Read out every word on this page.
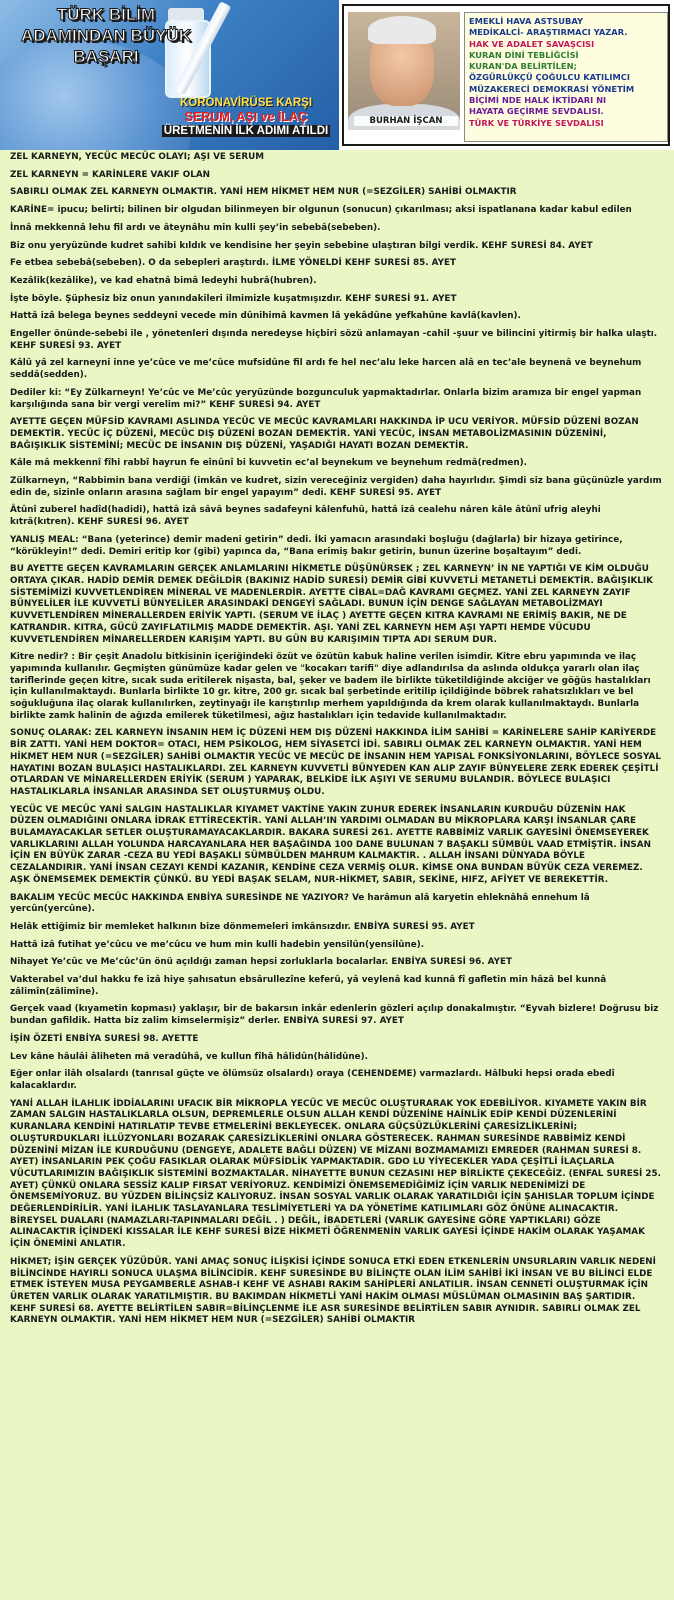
TÜRK BİLİM ADAMINDAN BÜYÜK BAŞARI
KORONAVİRÜSE KARŞI
SERUM, AŞI ve İLAÇ
ÜRETMENİN İLK ADIMI ATILDI
BURHAN İŞCAN
EMEKLİ HAVA ASTSUBAY
MEDİKALCİ- ARAŞTIRMACI YAZAR.
HAK VE ADALET SAVAŞCISI
KURAN DİNİ TEBLİĞCİSİ
KURAN'DA BELİRTİLEN;
ÖZGÜRLÜKÇÜ ÇOĞULCU KATILIMCI
MÜZAKERECİ DEMOKRASİ YÖNETİM
BİÇİMİ NDE HALK İKTİDARI NI
HAYATA GEÇİRME SEVDALISI.
TÜRK VE TÜRKİYE SEVDALISI

ZEL KARNEYN, YECÜC MECÜC OLAYI; AŞI VE SERUM

ZEL KARNEYN = KARİNLERE VAKIF OLAN

SABIRLI OLMAK ZEL KARNEYN OLMAKTIR. YANİ HEM HİKMET HEM NUR (=SEZGİLER) SAHİBİ OLMAKTIR

KARİNE= ipucu; belirti; bilinen bir olgudan bilinmeyen bir olgunun (sonucun) çıkarılması; aksi ispatlanana kadar kabul edilen

İnnâ mekkennâ lehu fil ardı ve âteynâhu min kulli şey’in sebebâ(sebeben).

Biz onu yeryüzünde kudret sahibi kıldık ve kendisine her şeyin sebebine ulaştıran bilgi verdik. KEHF SURESİ 84. AYET

Fe etbea sebebâ(sebeben). O da sebepleri araştırdı. İLME YÖNELDİ KEHF SURESİ 85. AYET

Kezâlik(kezâlike), ve kad ehatnâ bimâ ledeyhi hubrâ(hubren).

İşte böyle. Şüphesiz biz onun yanındakileri ilmimizle kuşatmışızdır. KEHF SURESİ 91. AYET

Hattâ izâ belega beynes seddeyni vecede min dûnihimâ kavmen lâ yekâdûne yefkahûne kavlâ(kavlen).

Engeller önünde-sebebi ile , yönetenleri dışında neredeyse hiçbiri sözü anlamayan -cahil -şuur ve bilincini yitirmiş bir halka ulaştı. KEHF SURESİ 93. AYET

Kâlû yâ zel karneyni inne ye’cûce ve me’cûce mufsidûne fil ardı fe hel nec’alu leke harcen alâ en tec’ale beynenâ ve beynehum seddâ(sedden).

Dediler ki: “Ey Zülkarneyn! Ye’cûc ve Me’cûc yeryüzünde bozgunculuk yapmaktadırlar. Onlarla bizim aramıza bir engel yapman karşılığında sana bir vergi verelim mi?” KEHF SURESİ 94. AYET

AYETTE GEÇEN MÜFSİD KAVRAMI ASLINDA YECÜC VE MECÜC KAVRAMLARI HAKKINDA İP UCU VERİYOR. MÜFSİD DÜZENİ BOZAN DEMEKTİR. YECÜC İÇ DÜZENİ, MECÜC DIŞ DÜZENİ BOZAN DEMEKTİR. YANİ YECÜC, İNSAN METABOLİZMASININ DÜZENİNİ, BAĞIŞIKLIK SİSTEMİNİ; MECÜC DE İNSANIN DIŞ DÜZENİ, YAŞADIĞI HAYATI BOZAN DEMEKTİR.

Kâle mâ mekkennî fîhi rabbî hayrun fe eînûnî bi kuvvetin ec’al beynekum ve beynehum redmâ(redmen).

Zülkarneyn, “Rabbimin bana verdiği (imkân ve kudret, sizin vereceğiniz vergiden) daha hayırlıdır. Şimdi siz bana güçünüzle yardım edin de, sizinle onların arasına sağlam bir engel yapayım” dedi. KEHF SURESİ 95. AYET

Âtûnî zuberel hadîd(hadidi), hattâ izâ sâvâ beynes sadafeyni kâlenfuhû, hattâ izâ cealehu nâren kâle âtûnî ufrig aleyhi kıtrâ(kıtren). KEHF SURESİ 96. AYET

YANLIŞ MEAL: “Bana (yeterince) demir madeni getirin” dedi. İki yamacın arasındaki boşluğu (dağlarla) bir hizaya getirince, “körükleyin!” dedi. Demiri eritip kor (gibi) yapınca da, “Bana erimiş bakır getirin, bunun üzerine boşaltayım” dedi.

BU AYETTE GEÇEN KAVRAMLARIN GERÇEK ANLAMLARINI HİKMETLE DÜŞÜNÜRSEK ; ZEL KARNEYN’ İN NE YAPTIĞI VE KİM OLDUĞU ORTAYA ÇIKAR. HADİD DEMİR DEMEK DEĞİLDİR (BAKINIZ HADİD SURESİ) DEMİR GİBİ KUVVETLİ METANETLİ DEMEKTİR. BAĞIŞIKLIK SİSTEMİMİZİ KUVVETLENDİREN MİNERAL VE MADENLERDİR. AYETTE CİBAL=DAĞ KAVRAMI GEÇMEZ. YANİ ZEL KARNEYN ZAYIF BÜNYELİLER İLE KUVVETLİ BÜNYELİLER ARASINDAKİ DENGEYİ SAĞLADI. BUNUN İÇİN DENGE SAĞLAYAN METABOLİZMAYI KUVVETLENDİREN MİNERALLERDEN ERİYİK YAPTI. (SERUM VE İLAÇ ) AYETTE GEÇEN KITRA KAVRAMI NE ERİMİŞ BAKIR, NE DE KATRANDIR. KITRA, GÜCÜ ZAYIFLATILMIŞ MADDE DEMEKTİR. AŞI. YANİ ZEL KARNEYN HEM AŞI YAPTI HEMDE VÜCUDU KUVVETLENDİREN MİNARELLERDEN KARIŞIM YAPTI. BU GÜN BU KARIŞIMIN TIPTA ADI SERUM DUR.

Kitre nedir? : Bir çeşit Anadolu bitkisinin içeriğindeki özüt ve özütün kabuk haline verilen isimdir. Kitre ebru yapımında ve ilaç yapımında kullanılır. Geçmişten günümüze kadar gelen ve "kocakarı tarifi" diye adlandırılsa da aslında oldukça yararlı olan ilaç tariflerinde geçen kitre, sıcak suda eritilerek nişasta, bal, şeker ve badem ile birlikte tüketildiğinde akciğer ve göğüs hastalıkları için kullanılmaktaydı. Bunlarla birlikte 10 gr. kitre, 200 gr. sıcak bal şerbetinde eritilip içildiğinde böbrek rahatsızlıkları ve bel soğukluğuna ilaç olarak kullanılırken, zeytinyağı ile karıştırılıp merhem yapıldığında da krem olarak kullanılmaktaydı. Bunlarla birlikte zamk halinin de ağızda emilerek tüketilmesi, ağız hastalıkları için tedavide kullanılmaktadır.

SONUÇ OLARAK: ZEL KARNEYN İNSANIN HEM İÇ DÜZENİ HEM DIŞ DÜZENİ HAKKINDA İLİM SAHİBİ = KARİNELERE SAHİP KARİYERDE BİR ZATTI. YANİ HEM DOKTOR= OTACI, HEM PSİKOLOG, HEM SİYASETCİ İDİ. SABIRLI OLMAK ZEL KARNEYN OLMAKTIR. YANİ HEM HİKMET HEM NUR (=SEZGİLER) SAHİBİ OLMAKTIR YECÜC VE MECÜC DE İNSANIN HEM YAPISAL FONKSİYONLARINI, BÖYLECE SOSYAL HAYATINI BOZAN BULAŞICI HASTALIKLARDI. ZEL KARNEYN KUVVETLİ BÜNYEDEN KAN ALIP ZAYIF BÜNYELERE ZERK EDEREK ÇEŞİTLİ OTLARDAN VE MİNARELLERDEN ERİYİK (SERUM ) YAPARAK, BELKİDE İLK AŞIYI VE SERUMU BULANDIR. BÖYLECE BULAŞICI HASTALIKLARLA İNSANLAR ARASINDA SET OLUŞTURMUŞ OLDU.

YECÜC VE MECÜC YANİ SALGIN HASTALIKLAR KIYAMET VAKTİNE YAKIN ZUHUR EDEREK İNSANLARIN KURDUĞU DÜZENİN HAK DÜZEN OLMADIĞINI ONLARA İDRAK ETTİRECEKTİR. YANİ ALLAH’IN YARDIMI OLMADAN BU MİKROPLARA KARŞI İNSANLAR ÇARE BULAMAYACAKLAR SETLER OLUŞTURAMAYACAKLARDIR. BAKARA SURESİ 261. AYETTE RABBİMİZ VARLIK GAYESİNİ ÖNEMSEYEREK VARLIKLARINI ALLAH YOLUNDA HARCAYANLARA HER BAŞAĞINDA 100 DANE BULUNAN 7 BAŞAKLI SÜMBÜL VAAD ETMİŞTİR. İNSAN İÇİN EN BÜYÜK ZARAR -CEZA BU YEDİ BAŞAKLI SÜMBÜLDEN MAHRUM KALMAKTIR. . ALLAH İNSANI DÜNYADA BÖYLE CEZALANDIRIR. YANİ İNSAN CEZAYI KENDİ KAZANIR, KENDİNE CEZA VERMİŞ OLUR. KİMSE ONA BUNDAN BÜYÜK CEZA VEREMEZ. AŞK ÖNEMSEMEK DEMEKTİR ÇÜNKÜ. BU YEDİ BAŞAK SELAM, NUR-HİKMET, SABIR, SEKİNE, HIFZ, AFİYET VE BEREKETTİR.

BAKALIM YECÜC MECÜC HAKKINDA ENBİYA SURESİNDE NE YAZIYOR? Ve harâmun alâ karyetin ehleknâhâ ennehum lâ yercûn(yercûne).

Helâk ettiğimiz bir memleket halkının bize dönmemeleri imkânsızdır. ENBİYA SURESİ 95. AYET

Hattâ izâ futihat ye’cûcu ve me’cûcu ve hum min kulli hadebin yensilûn(yensilûne).

Nihayet Ye’cûc ve Me’cûc’ün önü açıldığı zaman hepsi zorluklarla bocalarlar. ENBİYA SURESİ 96. AYET

Vakterabel va’dul hakku fe izâ hiye şahısatun ebsârullezîne keferû, yâ veylenâ kad kunnâ fî gafletin min hâzâ bel kunnâ zâlimîn(zâlimîne).

Gerçek vaad (kıyametin kopması) yaklaşır, bir de bakarsın inkâr edenlerin gözleri açılıp donakalmıştır. “Eyvah bizlere! Doğrusu biz bundan gafildik. Hatta biz zalim kimselermişiz” derler. ENBİYA SURESİ 97. AYET

İŞİN ÖZETİ ENBİYA SURESİ 98. AYETTE

Lev kâne hâulâi âliheten mâ veradûhâ, ve kullun fîhâ hâlidûn(hâlidûne).

Eğer onlar ilâh olsalardı (tanrısal güçte ve ölümsüz olsalardı) oraya (CEHENDEME) varmazlardı. Hâlbuki hepsi orada ebedî kalacaklardır.

YANİ ALLAH İLAHLIK İDDİALARINI UFACIK BİR MİKROPLA YECÜC VE MECÜC OLUŞTURARAK YOK EDEBİLİYOR. KIYAMETE YAKIN BİR ZAMAN SALGIN HASTALIKLARLA OLSUN, DEPREMLERLE OLSUN ALLAH KENDİ DÜZENİNE HAİNLİK EDİP KENDİ DÜZENLERİNİ KURANLARA KENDİNİ HATIRLATIP TEVBE ETMELERİNİ BEKLEYECEK. ONLARA GÜÇSÜZLÜKLERİNİ ÇARESİZLİKLERİNİ; OLUŞTURDUKLARI İLLÜZYONLARI BOZARAK ÇARESİZLİKLERİNİ ONLARA GÖSTERECEK. RAHMAN SURESİNDE RABBİMİZ KENDİ DÜZENİNİ MİZAN İLE KURDUĞUNU (DENGEYE, ADALETE BAĞLI DÜZEN) VE MİZANI BOZMAMAMIZI EMREDER (RAHMAN SURESİ 8. AYET) İNSANLARIN PEK ÇOĞU FASIKLAR OLARAK MÜFSİDLİK YAPMAKTADIR. GDO LU YİYECEKLER YADA ÇEŞİTLİ İLAÇLARLA VÜCUTLARIMIZIN BAĞIŞIKLIK SİSTEMİNİ BOZMAKTALAR. NİHAYETTE BUNUN CEZASINI HEP BİRLİKTE ÇEKECEĞİZ. (ENFAL SURESİ 25. AYET) ÇÜNKÜ ONLARA SESSİZ KALIP FIRSAT VERİYORUZ. KENDİMİZİ ÖNEMSEMEDİĞİMİZ İÇİN VARLIK NEDENİMİZİ DE ÖNEMSEMİYORUZ. BU YÜZDEN BİLİNÇSİZ KALIYORUZ. İNSAN SOSYAL VARLIK OLARAK YARATILDIĞI İÇİN ŞAHISLAR TOPLUM İÇİNDE DEĞERLENDİRİLİR. YANİ İLAHLIK TASLAYANLARA TESLİMİYETLERİ YA DA YÖNETİME KATILIMLARI GÖZ ÖNÜNE ALINACAKTIR. BİREYSEL DUALARI (NAMAZLARI-TAPINMALARI DEĞİL . ) DEĞİL, İBADETLERİ (VARLIK GAYESİNE GÖRE YAPTIKLARI) GÖZE ALINACAKTIR İÇİNDEKİ KISSALAR İLE KEHF SURESİ BİZE HİKMETİ ÖĞRENMENİN VARLIK GAYESİ İÇİNDE HAKİM OLARAK YAŞAMAK İÇİN ÖNEMİNİ ANLATIR.

HİKMET; İŞİN GERÇEK YÜZÜDÜR. YANİ AMAÇ SONUÇ İLİŞKİSİ İÇİNDE SONUCA ETKİ EDEN ETKENLERİN UNSURLARIN VARLIK NEDENİ BİLİNCİNDE HAYIRLI SONUCA ULAŞMA BİLİNCİDİR. KEHF SURESİNDE BU BİLİNÇTE OLAN İLİM SAHİBİ İKİ İNSAN VE BU BİLİNCİ ELDE ETMEK İSTEYEN MUSA PEYGAMBERLE ASHAB-I KEHF VE ASHABI RAKIM SAHİPLERİ ANLATILIR. İNSAN CENNETİ OLUŞTURMAK İÇİN ÜRETEN VARLIK OLARAK YARATILMIŞTIR. BU BAKIMDAN HİKMETLİ YANİ HAKİM OLMASI MÜSLÜMAN OLMASININ BAŞ ŞARTIDIR. KEHF SURESİ 68. AYETTE BELİRTİLEN SABIR=BİLİNÇLENME İLE ASR SURESİNDE BELİRTİLEN SABIR AYNIDIR. SABIRLI OLMAK ZEL KARNEYN OLMAKTIR. YANİ HEM HİKMET HEM NUR (=SEZGİLER) SAHİBİ OLMAKTIR
